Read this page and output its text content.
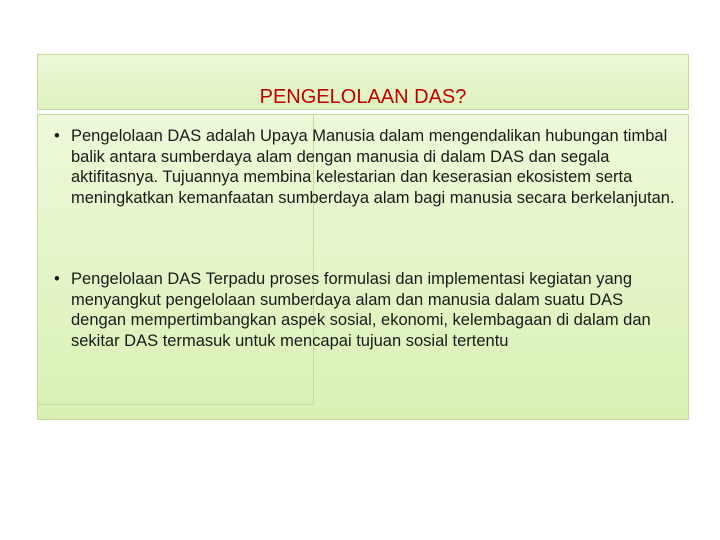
PENGELOLAAN DAS?
• Pengelolaan DAS adalah Upaya Manusia dalam mengendalikan hubungan timbal balik antara sumberdaya alam dengan manusia di dalam DAS dan segala aktifitasnya. Tujuannya membina kelestarian dan keserasian ekosistem serta meningkatkan kemanfaatan sumberdaya alam bagi manusia secara berkelanjutan.
• Pengelolaan DAS Terpadu proses formulasi dan implementasi kegiatan yang menyangkut pengelolaan sumberdaya alam dan manusia dalam suatu DAS dengan mempertimbangkan aspek sosial, ekonomi, kelembagaan di dalam dan sekitar DAS termasuk untuk mencapai tujuan sosial tertentu
